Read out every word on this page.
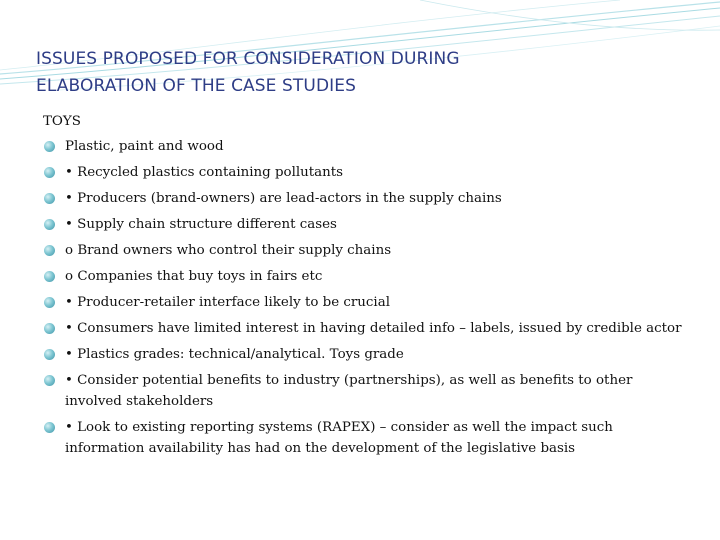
ISSUES PROPOSED FOR CONSIDERATION DURING
ELABORATION OF THE CASE STUDIES
TOYS
Plastic, paint and wood
• Recycled plastics containing pollutants
• Producers (brand-owners) are lead-actors in the supply chains
• Supply chain structure different cases
o Brand owners who control their supply chains
o Companies that buy toys in fairs etc
• Producer-retailer interface likely to be crucial
• Consumers have limited interest in having detailed info – labels, issued by credible actor
• Plastics grades: technical/analytical. Toys grade
• Consider potential benefits to industry (partnerships), as well as benefits to other involved stakeholders
• Look to existing reporting systems (RAPEX) – consider as well the impact such information availability has had on the development of the legislative basis
